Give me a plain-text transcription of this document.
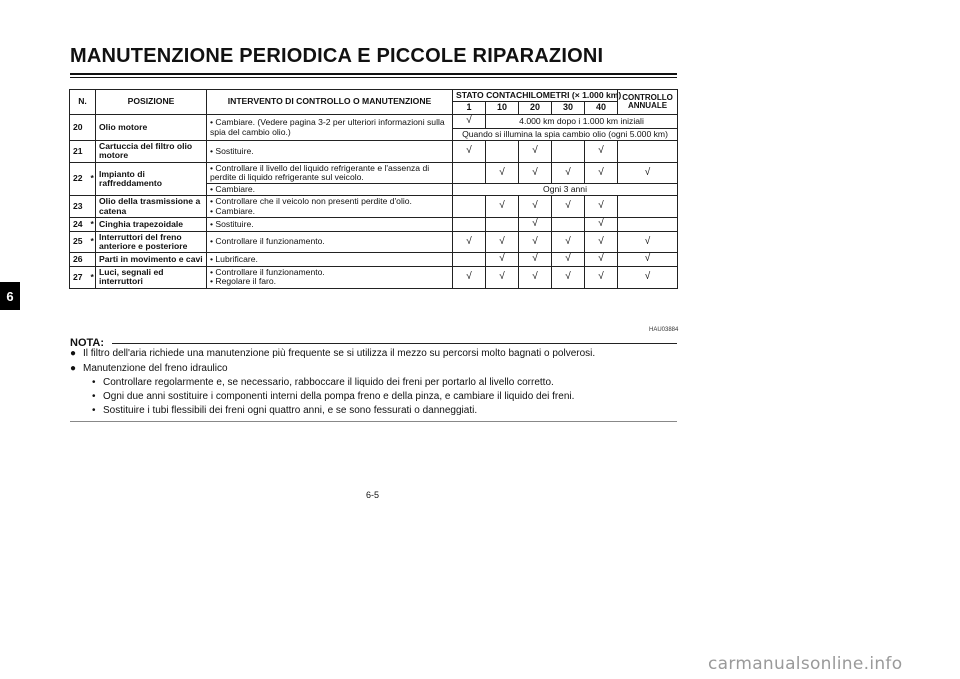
MANUTENZIONE PERIODICA E PICCOLE RIPARAZIONI
6
N.		POSIZIONE	INTERVENTO DI CONTROLLO O MANUTENZIONE	STATO CONTACHILOMETRI (× 1.000 km)					CONTROLLO ANNUALE
				1	10	20	30	40	
20		Olio motore	• Cambiare. (Vedere pagina 3-2 per ulteriori informazioni sulla spia del cambio olio.)	√	4.000 km dopo i 1.000 km iniziali				
				Quando si illumina la spia cambio olio (ogni 5.000 km)					
21		Cartuccia del filtro olio motore	• Sostituire.	√		√		√	
22	*	Impianto di raffreddamento	• Controllare il livello del liquido refrigerante e l'assenza di perdite di liquido refrigerante sul veicolo.		√	√	√	√	√
			• Cambiare.	Ogni 3 anni					
23		Olio della trasmissione a catena	• Controllare che il veicolo non presenti perdite d'olio.
• Cambiare.		√	√	√	√	
24	*	Cinghia trapezoidale	• Sostituire.			√		√	
25	*	Interruttori del freno anteriore e posteriore	• Controllare il funzionamento.	√	√	√	√	√	√
26		Parti in movimento e cavi	• Lubrificare.		√	√	√	√	√
27	*	Luci, segnali ed interruttori	• Controllare il funzionamento.
• Regolare il faro.	√	√	√	√	√	√
HAU03884
NOTA:
● Il filtro dell'aria richiede una manutenzione più frequente se si utilizza il mezzo su percorsi molto bagnati o polverosi.
● Manutenzione del freno idraulico
• Controllare regolarmente e, se necessario, rabboccare il liquido dei freni per portarlo al livello corretto.
• Ogni due anni sostituire i componenti interni della pompa freno e della pinza, e cambiare il liquido dei freni.
• Sostituire i tubi flessibili dei freni ogni quattro anni, e se sono fessurati o danneggiati.
6-5
carmanualsonline.info
